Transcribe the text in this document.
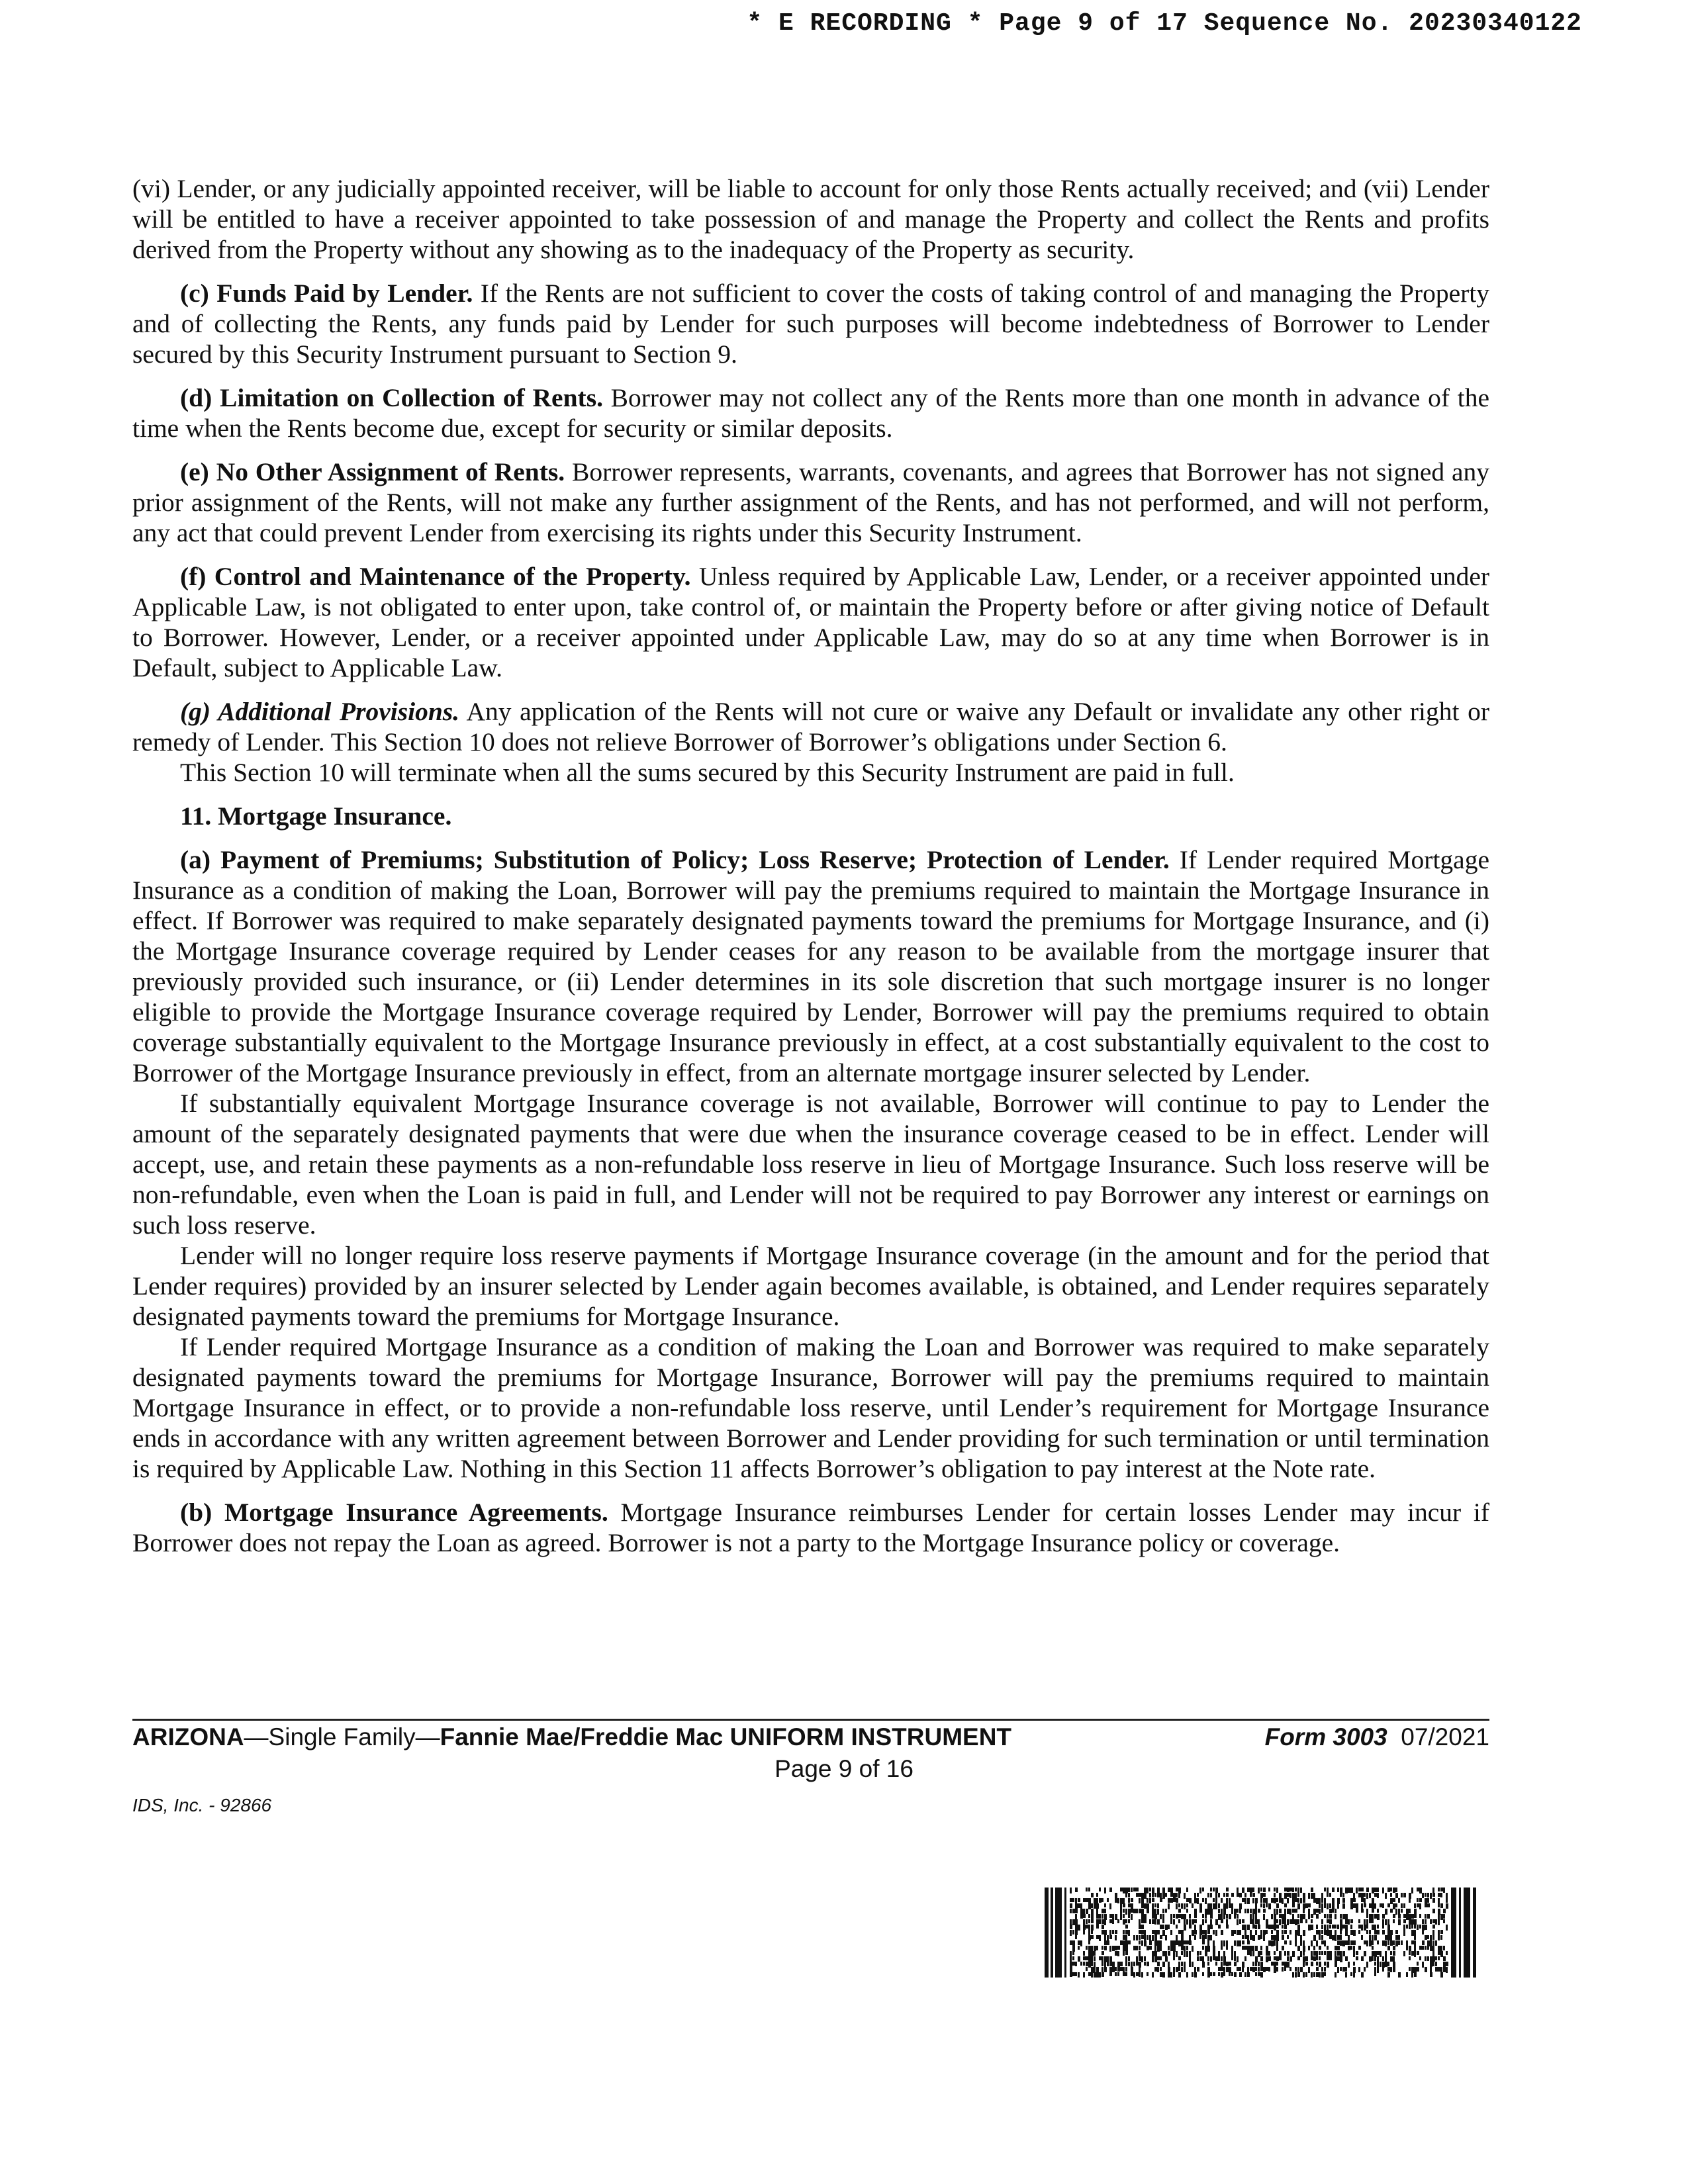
* E RECORDING * Page 9 of 17 Sequence No. 20230340122

(vi) Lender, or any judicially appointed receiver, will be liable to account for only those Rents actually received; and (vii) Lender will be entitled to have a receiver appointed to take possession of and manage the Property and collect the Rents and profits derived from the Property without any showing as to the inadequacy of the Property as security.

(c) Funds Paid by Lender. If the Rents are not sufficient to cover the costs of taking control of and managing the Property and of collecting the Rents, any funds paid by Lender for such purposes will become indebtedness of Borrower to Lender secured by this Security Instrument pursuant to Section 9.

(d) Limitation on Collection of Rents. Borrower may not collect any of the Rents more than one month in advance of the time when the Rents become due, except for security or similar deposits.

(e) No Other Assignment of Rents. Borrower represents, warrants, covenants, and agrees that Borrower has not signed any prior assignment of the Rents, will not make any further assignment of the Rents, and has not performed, and will not perform, any act that could prevent Lender from exercising its rights under this Security Instrument.

(f) Control and Maintenance of the Property. Unless required by Applicable Law, Lender, or a receiver appointed under Applicable Law, is not obligated to enter upon, take control of, or maintain the Property before or after giving notice of Default to Borrower. However, Lender, or a receiver appointed under Applicable Law, may do so at any time when Borrower is in Default, subject to Applicable Law.

(g) Additional Provisions. Any application of the Rents will not cure or waive any Default or invalidate any other right or remedy of Lender. This Section 10 does not relieve Borrower of Borrower’s obligations under Section 6.

This Section 10 will terminate when all the sums secured by this Security Instrument are paid in full.

11. Mortgage Insurance.

(a) Payment of Premiums; Substitution of Policy; Loss Reserve; Protection of Lender. If Lender required Mortgage Insurance as a condition of making the Loan, Borrower will pay the premiums required to maintain the Mortgage Insurance in effect. If Borrower was required to make separately designated payments toward the premiums for Mortgage Insurance, and (i) the Mortgage Insurance coverage required by Lender ceases for any reason to be available from the mortgage insurer that previously provided such insurance, or (ii) Lender determines in its sole discretion that such mortgage insurer is no longer eligible to provide the Mortgage Insurance coverage required by Lender, Borrower will pay the premiums required to obtain coverage substantially equivalent to the Mortgage Insurance previously in effect, at a cost substantially equivalent to the cost to Borrower of the Mortgage Insurance previously in effect, from an alternate mortgage insurer selected by Lender.

If substantially equivalent Mortgage Insurance coverage is not available, Borrower will continue to pay to Lender the amount of the separately designated payments that were due when the insurance coverage ceased to be in effect. Lender will accept, use, and retain these payments as a non-refundable loss reserve in lieu of Mortgage Insurance. Such loss reserve will be non-refundable, even when the Loan is paid in full, and Lender will not be required to pay Borrower any interest or earnings on such loss reserve.

Lender will no longer require loss reserve payments if Mortgage Insurance coverage (in the amount and for the period that Lender requires) provided by an insurer selected by Lender again becomes available, is obtained, and Lender requires separately designated payments toward the premiums for Mortgage Insurance.

If Lender required Mortgage Insurance as a condition of making the Loan and Borrower was required to make separately designated payments toward the premiums for Mortgage Insurance, Borrower will pay the premiums required to maintain Mortgage Insurance in effect, or to provide a non-refundable loss reserve, until Lender’s requirement for Mortgage Insurance ends in accordance with any written agreement between Borrower and Lender providing for such termination or until termination is required by Applicable Law. Nothing in this Section 11 affects Borrower’s obligation to pay interest at the Note rate.

(b) Mortgage Insurance Agreements. Mortgage Insurance reimburses Lender for certain losses Lender may incur if Borrower does not repay the Loan as agreed. Borrower is not a party to the Mortgage Insurance policy or coverage.

ARIZONA—Single Family—Fannie Mae/Freddie Mac UNIFORM INSTRUMENT	Form 3003 07/2021
Page 9 of 16
IDS, Inc. - 92866
